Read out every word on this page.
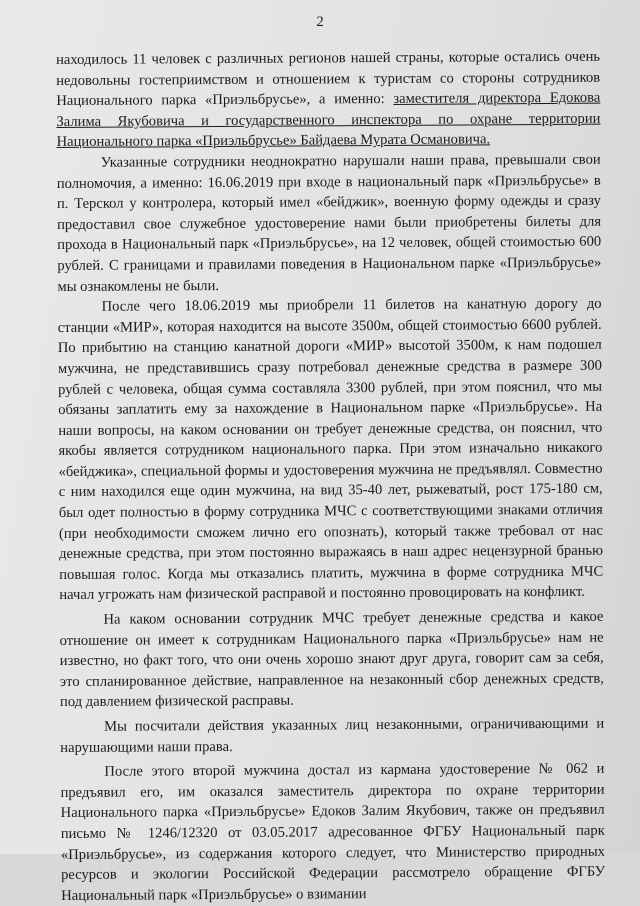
2

находилось 11 человек с различных регионов нашей страны, которые остались очень недовольны гостеприимством и отношением к туристам со стороны сотрудников Национального парка «Приэльбрусье», а именно: заместителя директора Едокова Залима Якубовича и государственного инспектора по охране территории Национального парка «Приэльбрусье» Байдаева Мурата Османовича.

Указанные сотрудники неоднократно нарушали наши права, превышали свои полномочия, а именно: 16.06.2019 при входе в национальный парк «Приэльбрусье» в п. Терскол у контролера, который имел «бейджик», военную форму одежды и сразу предоставил свое служебное удостоверение нами были приобретены билеты для прохода в Национальный парк «Приэльбрусье», на 12 человек, общей стоимостью 600 рублей. С границами и правилами поведения в Национальном парке «Приэльбрусье» мы ознакомлены не были.

После чего 18.06.2019 мы приобрели 11 билетов на канатную дорогу до станции «МИР», которая находится на высоте 3500м, общей стоимостью 6600 рублей. По прибытию на станцию канатной дороги «МИР» высотой 3500м, к нам подошел мужчина, не представившись сразу потребовал денежные средства в размере 300 рублей с человека, общая сумма составляла 3300 рублей, при этом пояснил, что мы обязаны заплатить ему за нахождение в Национальном парке «Приэльбрусье». На наши вопросы, на каком основании он требует денежные средства, он пояснил, что якобы является сотрудником национального парка. При этом изначально никакого «бейджика», специальной формы и удостоверения мужчина не предъявлял. Совместно с ним находился еще один мужчина, на вид 35-40 лет, рыжеватый, рост 175-180 см, был одет полностью в форму сотрудника МЧС с соответствующими знаками отличия (при необходимости сможем лично его опознать), который также требовал от нас денежные средства, при этом постоянно выражаясь в наш адрес нецензурной бранью повышая голос. Когда мы отказались платить, мужчина в форме сотрудника МЧС начал угрожать нам физической расправой и постоянно провоцировать на конфликт.

На каком основании сотрудник МЧС требует денежные средства и какое отношение он имеет к сотрудникам Национального парка «Приэльбрусье» нам не известно, но факт того, что они очень хорошо знают друг друга, говорит сам за себя, это спланированное действие, направленное на незаконный сбор денежных средств, под давлением физической расправы.

Мы посчитали действия указанных лиц незаконными, ограничивающими и нарушающими наши права.

После этого второй мужчина достал из кармана удостоверение № 062 и предъявил его, им оказался заместитель директора по охране территории Национального парка «Приэльбрусье» Едоков Залим Якубович, также он предъявил письмо № 1246/12320 от 03.05.2017 адресованное ФГБУ Национальный парк «Приэльбрусье», из содержания которого следует, что Министерство природных ресурсов и экологии Российской Федерации рассмотрело обращение ФГБУ Национальный парк «Приэльбрусье» о взимании
